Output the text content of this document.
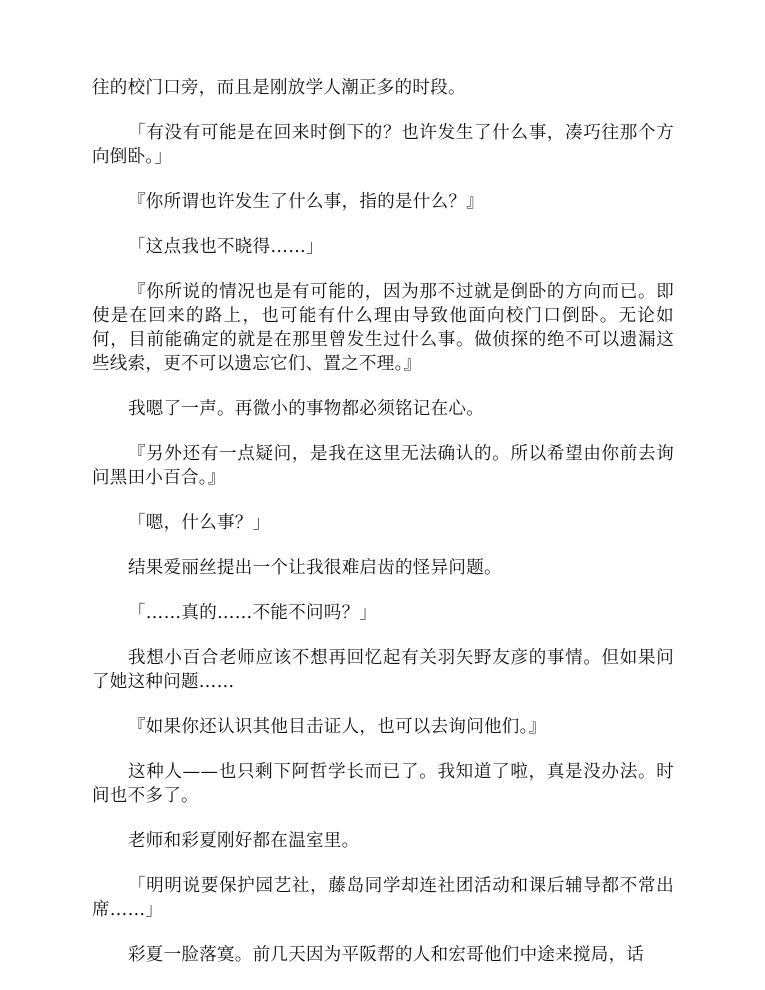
往的校门口旁，而且是刚放学人潮正多的时段。

「有没有可能是在回来时倒下的？也许发生了什么事，凑巧往那个方向倒卧。」

『你所谓也许发生了什么事，指的是什么？』

「这点我也不晓得……」

『你所说的情况也是有可能的，因为那不过就是倒卧的方向而已。即使是在回来的路上，也可能有什么理由导致他面向校门口倒卧。无论如何，目前能确定的就是在那里曾发生过什么事。做侦探的绝不可以遗漏这些线索，更不可以遗忘它们、置之不理。』

我嗯了一声。再微小的事物都必须铭记在心。

『另外还有一点疑问，是我在这里无法确认的。所以希望由你前去询问黑田小百合。』

「嗯，什么事？」

结果爱丽丝提出一个让我很难启齿的怪异问题。

「……真的……不能不问吗？」

我想小百合老师应该不想再回忆起有关羽矢野友彦的事情。但如果问了她这种问题……

『如果你还认识其他目击证人，也可以去询问他们。』

这种人——也只剩下阿哲学长而已了。我知道了啦，真是没办法。时间也不多了。

老师和彩夏刚好都在温室里。

「明明说要保护园艺社，藤岛同学却连社团活动和课后辅导都不常出席……」

彩夏一脸落寞。前几天因为平阪帮的人和宏哥他们中途来搅局，话
